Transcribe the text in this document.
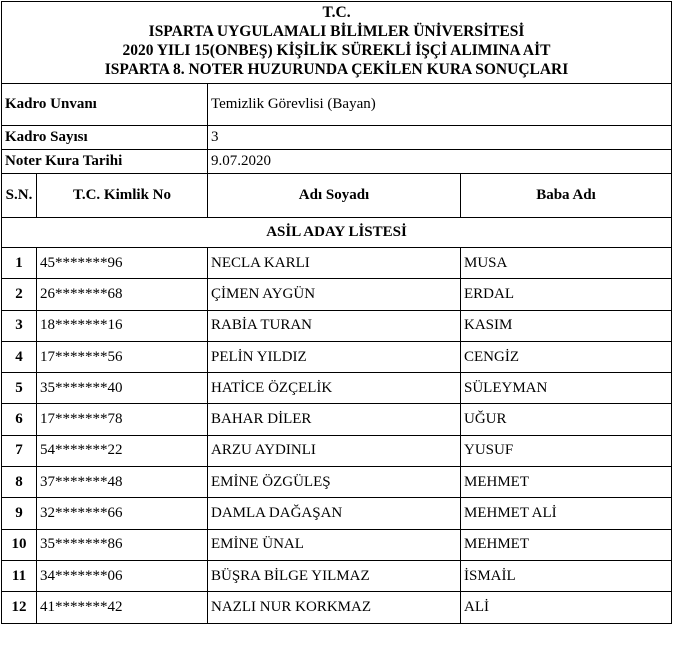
T.C.
ISPARTA UYGULAMALI BİLİMLER ÜNİVERSİTESİ
2020 YILI 15(ONBEŞ) KİŞİLİK SÜREKLİ İŞÇİ ALIMINA AİT
ISPARTA 8. NOTER HUZURUNDA ÇEKİLEN KURA SONUÇLARI			

Kadro Unvanı		Temizlik Görevlisi (Bayan)	
Kadro Sayısı		3	
Noter Kura Tarihi		9.07.2020	
S.N.	T.C. Kimlik No	Adı Soyadı	Baba Adı
ASİL ADAY LİSTESİ			
1	45*******96	NECLA KARLI	MUSA
2	26*******68	ÇİMEN AYGÜN	ERDAL
3	18*******16	RABİA TURAN	KASIM
4	17*******56	PELİN YILDIZ	CENGİZ
5	35*******40	HATİCE ÖZÇELİK	SÜLEYMAN
6	17*******78	BAHAR DİLER	UĞUR
7	54*******22	ARZU AYDINLI	YUSUF
8	37*******48	EMİNE ÖZGÜLEŞ	MEHMET
9	32*******66	DAMLA DAĞAŞAN	MEHMET ALİ
10	35*******86	EMİNE ÜNAL	MEHMET
11	34*******06	BÜŞRA BİLGE YILMAZ	İSMAİL
12	41*******42	NAZLI NUR KORKMAZ	ALİ
